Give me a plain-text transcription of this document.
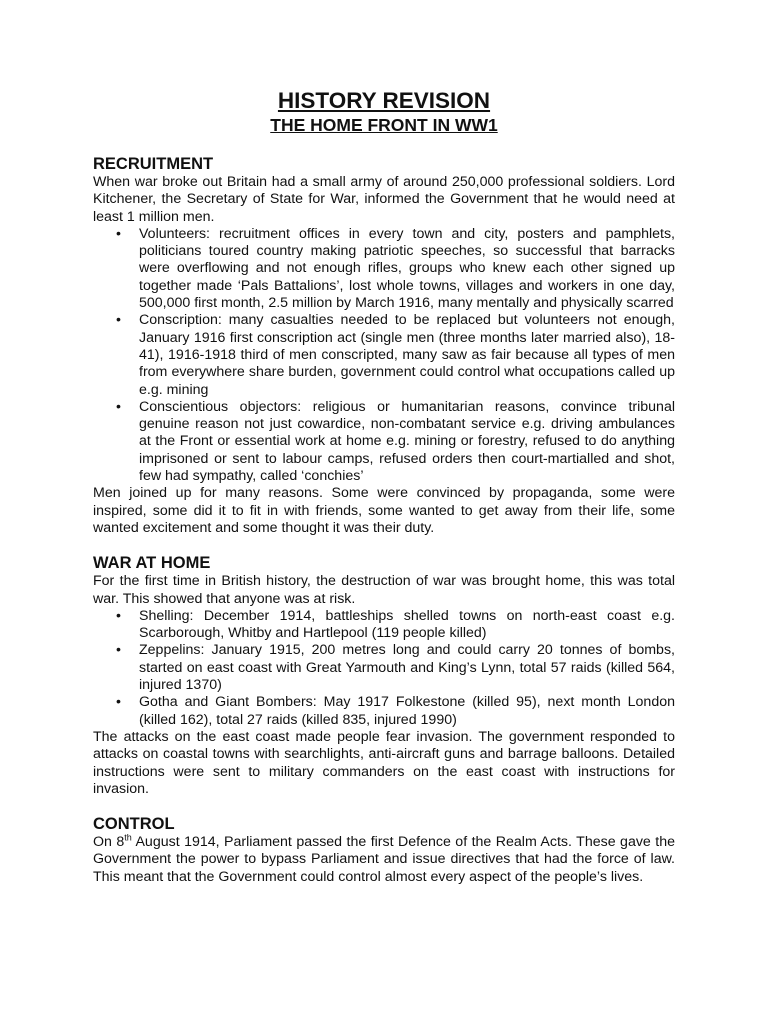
HISTORY REVISION
THE HOME FRONT IN WW1
RECRUITMENT

When war broke out Britain had a small army of around 250,000 professional soldiers. Lord Kitchener, the Secretary of State for War, informed the Government that he would need at least 1 million men.

• Volunteers: recruitment offices in every town and city, posters and pamphlets, politicians toured country making patriotic speeches, so successful that barracks were overflowing and not enough rifles, groups who knew each other signed up together made ‘Pals Battalions’, lost whole towns, villages and workers in one day, 500,000 first month, 2.5 million by March 1916, many mentally and physically scarred
• Conscription: many casualties needed to be replaced but volunteers not enough, January 1916 first conscription act (single men (three months later married also), 18-41), 1916-1918 third of men conscripted, many saw as fair because all types of men from everywhere share burden, government could control what occupations called up e.g. mining
• Conscientious objectors: religious or humanitarian reasons, convince tribunal genuine reason not just cowardice, non-combatant service e.g. driving ambulances at the Front or essential work at home e.g. mining or forestry, refused to do anything imprisoned or sent to labour camps, refused orders then court-martialled and shot, few had sympathy, called ‘conchies’

Men joined up for many reasons. Some were convinced by propaganda, some were inspired, some did it to fit in with friends, some wanted to get away from their life, some wanted excitement and some thought it was their duty.

WAR AT HOME

For the first time in British history, the destruction of war was brought home, this was total war. This showed that anyone was at risk.

• Shelling: December 1914, battleships shelled towns on north-east coast e.g. Scarborough, Whitby and Hartlepool (119 people killed)
• Zeppelins: January 1915, 200 metres long and could carry 20 tonnes of bombs, started on east coast with Great Yarmouth and King’s Lynn, total 57 raids (killed 564, injured 1370)
• Gotha and Giant Bombers: May 1917 Folkestone (killed 95), next month London (killed 162), total 27 raids (killed 835, injured 1990)

The attacks on the east coast made people fear invasion. The government responded to attacks on coastal towns with searchlights, anti-aircraft guns and barrage balloons. Detailed instructions were sent to military commanders on the east coast with instructions for invasion.

CONTROL

On 8th August 1914, Parliament passed the first Defence of the Realm Acts. These gave the Government the power to bypass Parliament and issue directives that had the force of law. This meant that the Government could control almost every aspect of the people’s lives.
